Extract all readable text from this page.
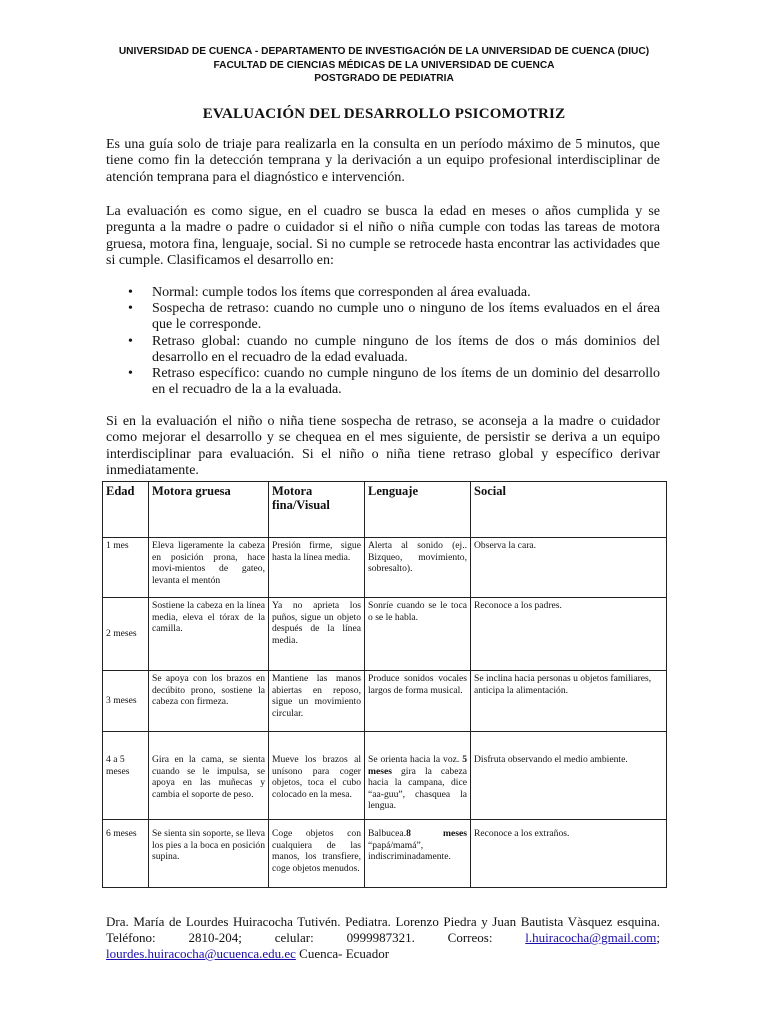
UNIVERSIDAD DE CUENCA - DEPARTAMENTO DE INVESTIGACIÓN DE LA UNIVERSIDAD DE CUENCA (DIUC)
FACULTAD DE CIENCIAS MÉDICAS DE LA UNIVERSIDAD DE CUENCA
POSTGRADO DE PEDIATRIA
EVALUACIÓN DEL DESARROLLO PSICOMOTRIZ

Es una guía solo de triaje para realizarla en la consulta en un período máximo de 5 minutos, que tiene como fin la detección temprana y la derivación a un equipo profesional interdisciplinar de atención temprana para el diagnóstico e intervención.

La evaluación es como sigue, en el cuadro se busca la edad en meses o años cumplida y se pregunta a la madre o padre o cuidador si el niño o niña cumple con todas las tareas de motora gruesa, motora fina, lenguaje, social. Si no cumple se retrocede hasta encontrar las actividades que si cumple. Clasificamos el desarrollo en:

• Normal: cumple todos los ítems que corresponden al área evaluada.
• Sospecha de retraso: cuando no cumple uno o ninguno de los ítems evaluados en el área que le corresponde.
• Retraso global: cuando no cumple ninguno de los ítems de dos o más dominios del desarrollo en el recuadro de la edad evaluada.
• Retraso específico: cuando no cumple ninguno de los ítems de un dominio del desarrollo en el recuadro de la a la evaluada.

Si en la evaluación el niño o niña tiene sospecha de retraso, se aconseja a la madre o cuidador como mejorar el desarrollo y se chequea en el mes siguiente, de persistir se deriva a un equipo interdisciplinar para evaluación. Si el niño o niña tiene retraso global y específico derivar inmediatamente.

Edad	Motora gruesa	Motora fina/Visual	Lenguaje	Social
1 mes	Eleva ligeramente la cabeza en posición prona, hace movi-mientos de gateo, levanta el mentón	Presión firme, sigue hasta la línea media.	Alerta al sonido (ej.. Bizqueo, movimiento, sobresalto).	Observa la cara.
2 meses	Sostiene la cabeza en la línea media, eleva el tórax de la camilla.	Ya no aprieta los puños, sigue un objeto después de la línea media.	Sonríe cuando se le toca o se le habla.	Reconoce a los padres.
3 meses	Se apoya con los brazos en decúbito prono, sostiene la cabeza con firmeza.	Mantiene las manos abiertas en reposo, sigue un movimiento circular.	Produce sonidos vocales largos de forma musical.	Se inclina hacia personas u objetos familiares, anticipa la alimentación.
4 a 5 meses	Gira en la cama, se sienta cuando se le impulsa, se apoya en las muñecas y cambia el soporte de peso.	Mueve los brazos al unísono para coger objetos, toca el cubo colocado en la mesa.	Se orienta hacia la voz. 5 meses gira la cabeza hacia la campana, dice “aa-guu”, chasquea la lengua.	Disfruta observando el medio ambiente.
6 meses	Se sienta sin soporte, se lleva los pies a la boca en posición supina.	Coge objetos con cualquiera de las manos, los transfiere, coge objetos menudos.	Balbucea.8 meses “papá/mamá”, indiscriminadamente.	Reconoce a los extraños.

Dra. María de Lourdes Huiracocha Tutivén. Pediatra. Lorenzo Piedra y Juan Bautista Vàsquez esquina. Teléfono: 2810-204; celular: 0999987321. Correos: l.huiracocha@gmail.com; lourdes.huiracocha@ucuenca.edu.ec Cuenca- Ecuador
